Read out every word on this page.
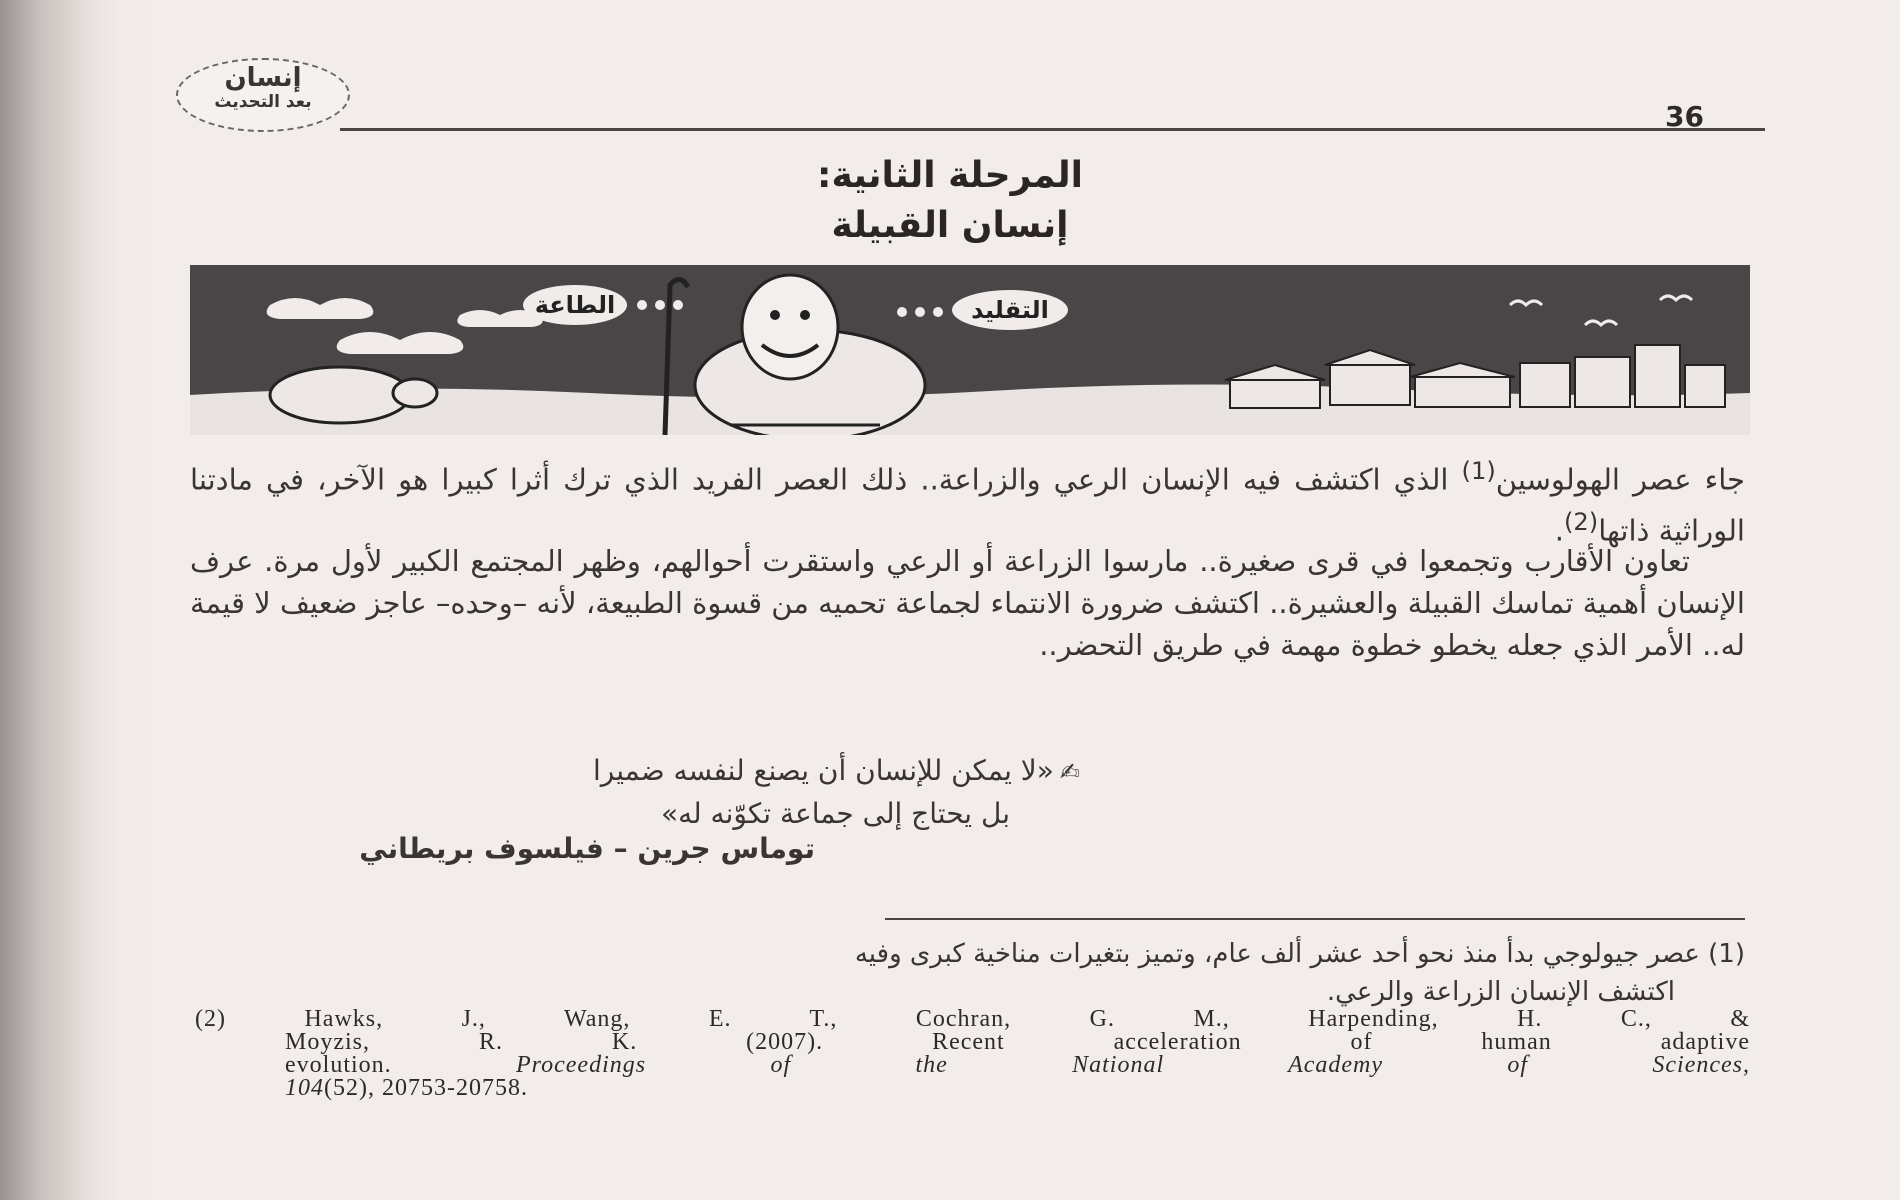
إنسان
بعد التحديث	36
المرحلة الثانية:
إنسان القبيلة
الطاعة	التقليد
جاء عصر الهولوسين$^{(1)}$ الذي اكتشف فيه الإنسان الرعي والزراعة.. ذلك العصر الفريد الذي ترك أثرا كبيرا هو الآخر، في مادتنا الوراثية ذاتها$^{(2)}$.
تعاون الأقارب وتجمعوا في قرى صغيرة.. مارسوا الزراعة أو الرعي واستقرت أحوالهم، وظهر المجتمع الكبير لأول مرة. عرف الإنسان أهمية تماسك القبيلة والعشيرة.. اكتشف ضرورة الانتماء لجماعة تحميه من قسوة الطبيعة، لأنه –وحده– عاجز ضعيف لا قيمة له.. الأمر الذي جعله يخطو خطوة مهمة في طريق التحضر..
✍«لا يمكن للإنسان أن يصنع لنفسه ضميرا
بل يحتاج إلى جماعة تكوّنه له»
توماس جرين – فيلسوف بريطاني
(1) عصر جيولوجي بدأ منذ نحو أحد عشر ألف عام، وتميز بتغيرات مناخية كبرى وفيه
اكتشف الإنسان الزراعة والرعي.
(2) Hawks, J., Wang, E. T., Cochran, G. M., Harpending, H. C., &
Moyzis, R. K. (2007). Recent acceleration of human adaptive
evolution.	Proceedings of the National Academy of Sciences,
104(52), 20753-20758.
